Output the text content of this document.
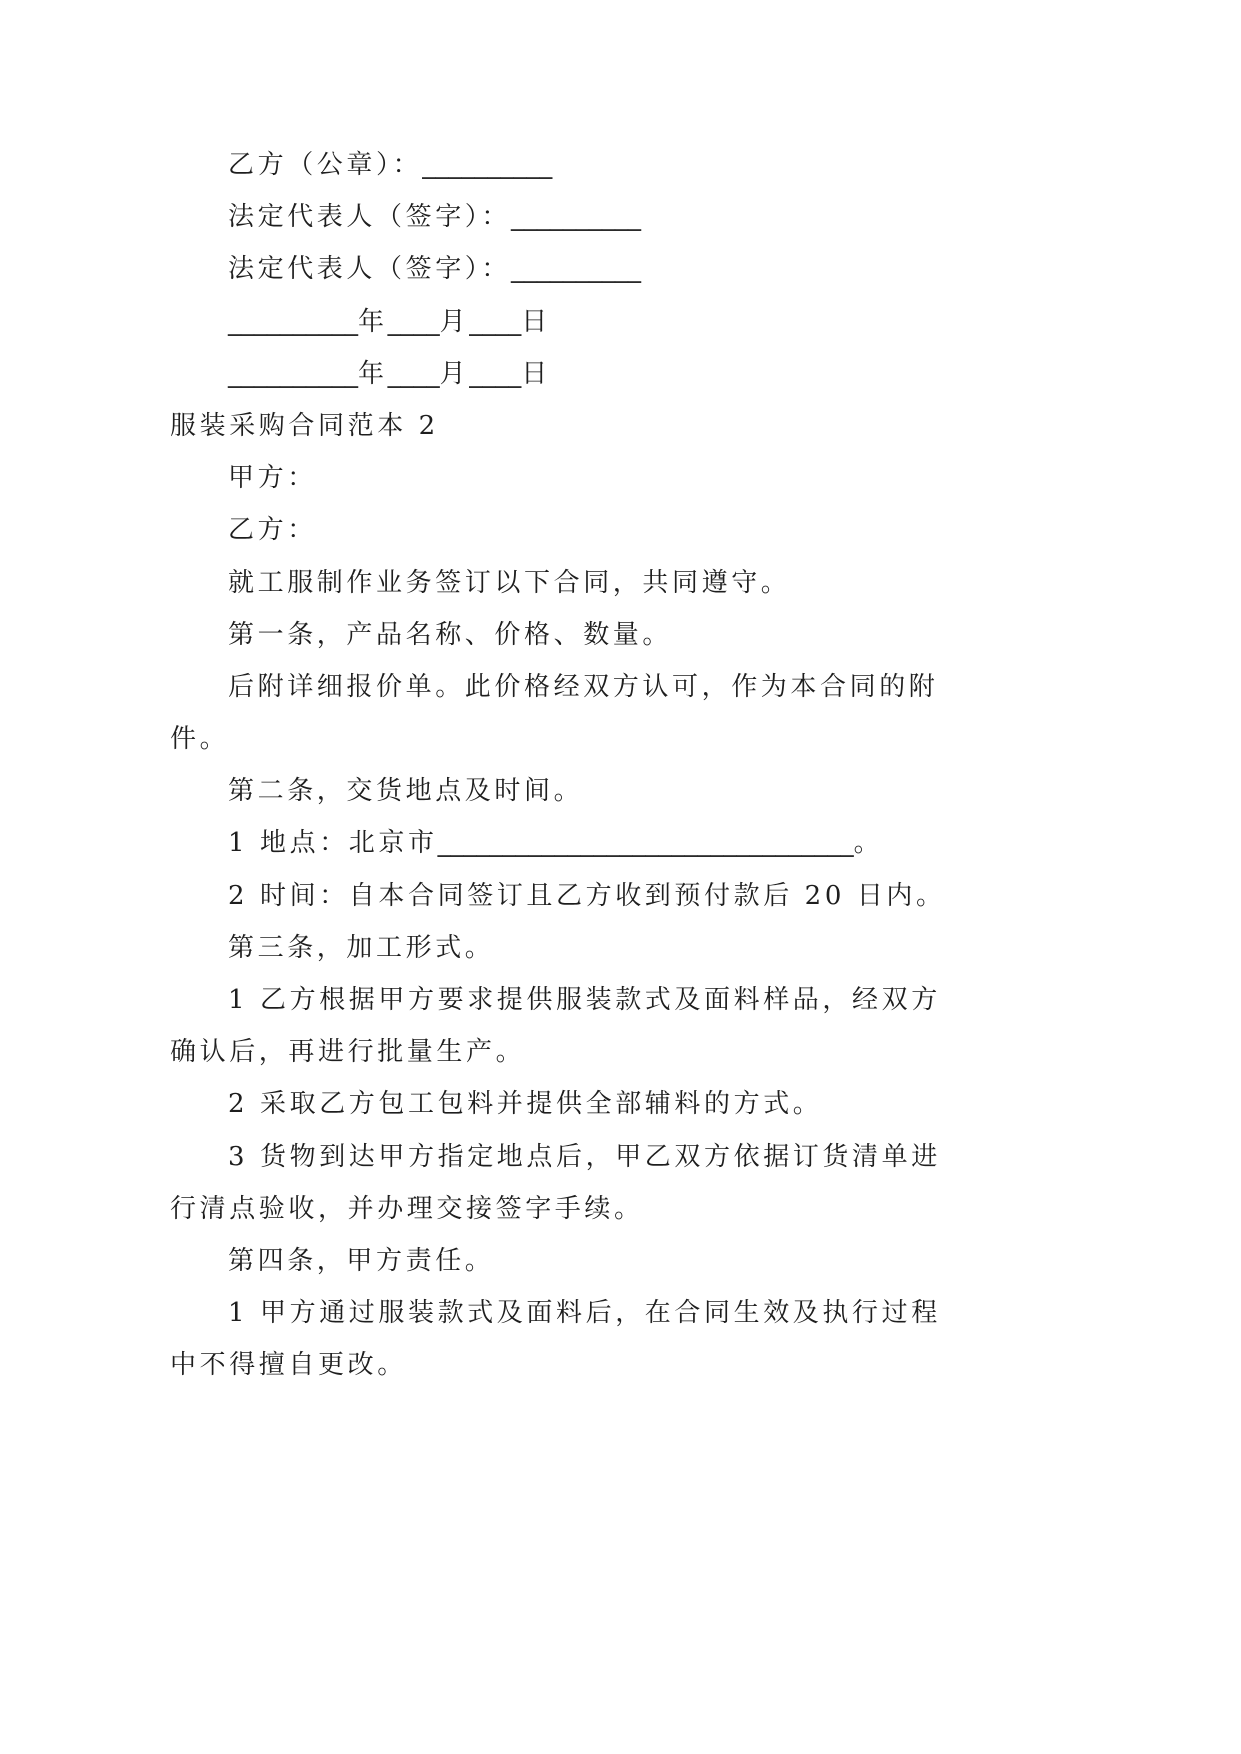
乙方（公章）：__________
法定代表人（签字）：__________
法定代表人（签字）：__________
__________年____月____日
__________年____月____日
服装采购合同范本 2
甲方：
乙方：
就工服制作业务签订以下合同，共同遵守。
第一条，产品名称、价格、数量。
后附详细报价单。此价格经双方认可，作为本合同的附
件。
第二条，交货地点及时间。
1 地点：北京市________________________________。
2 时间：自本合同签订且乙方收到预付款后 20 日内。
第三条，加工形式。
1 乙方根据甲方要求提供服装款式及面料样品，经双方
确认后，再进行批量生产。
2 采取乙方包工包料并提供全部辅料的方式。
3 货物到达甲方指定地点后，甲乙双方依据订货清单进
行清点验收，并办理交接签字手续。
第四条，甲方责任。
1 甲方通过服装款式及面料后，在合同生效及执行过程
中不得擅自更改。
